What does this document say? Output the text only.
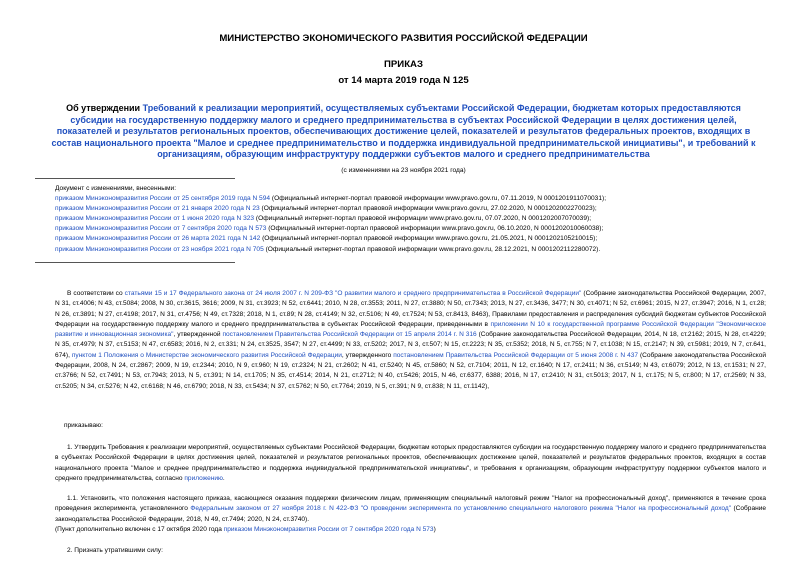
МИНИСТЕРСТВО ЭКОНОМИЧЕСКОГО РАЗВИТИЯ РОССИЙСКОЙ ФЕДЕРАЦИИ
ПРИКАЗ
от 14 марта 2019 года N 125
Об утверждении Требований к реализации мероприятий, осуществляемых субъектами Российской Федерации, бюджетам которых предоставляются субсидии на государственную поддержку малого и среднего предпринимательства в субъектах Российской Федерации в целях достижения целей, показателей и результатов региональных проектов, обеспечивающих достижение целей, показателей и результатов федеральных проектов, входящих в состав национального проекта "Малое и среднее предпринимательство и поддержка индивидуальной предпринимательской инициативы", и требований к организациям, образующим инфраструктуру поддержки субъектов малого и среднего предпринимательства
(с изменениями на 23 ноября 2021 года)
Документ с изменениями, внесенными:
приказом Минэкономразвития России от 25 сентября 2019 года N 594 (Официальный интернет-портал правовой информации www.pravo.gov.ru, 07.11.2019, N 0001201911070031);
приказом Минэкономразвития России от 21 января 2020 года N 23 (Официальный интернет-портал правовой информации www.pravo.gov.ru, 27.02.2020, N 0001202002270023);
приказом Минэкономразвития России от 1 июня 2020 года N 323 (Официальный интернет-портал правовой информации www.pravo.gov.ru, 07.07.2020, N 0001202007070039);
приказом Минэкономразвития России от 7 сентября 2020 года N 573 (Официальный интернет-портал правовой информации www.pravo.gov.ru, 06.10.2020, N 0001202010060038);
приказом Минэкономразвития России от 26 марта 2021 года N 142 (Официальный интернет-портал правовой информации www.pravo.gov.ru, 21.05.2021, N 0001202105210015);
приказом Минэкономразвития России от 23 ноября 2021 года N 705 (Официальный интернет-портал правовой информации www.pravo.gov.ru, 28.12.2021, N 0001202112280072).
В соответствии со статьями 15 и 17 Федерального закона от 24 июля 2007 г. N 209-ФЗ "О развитии малого и среднего предпринимательства в Российской Федерации" (Собрание законодательства Российской Федерации, 2007, N 31, ст.4006; N 43, ст.5084; 2008, N 30, ст.3615, 3616; 2009, N 31, ст.3923; N 52, ст.6441; 2010, N 28, ст.3553; 2011, N 27, ст.3880; N 50, ст.7343; 2013, N 27, ст.3436, 3477; N 30, ст.4071; N 52, ст.6961; 2015, N 27, ст.3947; 2016, N 1, ст.28; N 26, ст.3891; N 27, ст.4198; 2017, N 31, ст.4756; N 49, ст.7328; 2018, N 1, ст.89; N 28, ст.4149; N 32, ст.5106; N 49, ст.7524; N 53, ст.8413, 8463), Правилами предоставления и распределения субсидий бюджетам субъектов Российской Федерации на государственную поддержку малого и среднего предпринимательства в субъектах Российской Федерации, приведенными в приложении N 10 к государственной программе Российской Федерации "Экономическое развитие и инновационная экономика", утвержденной постановлением Правительства Российской Федерации от 15 апреля 2014 г. N 316 (Собрание законодательства Российской Федерации, 2014, N 18, ст.2162; 2015, N 28, ст.4229; N 35, ст.4979; N 37, ст.5153; N 47, ст.6583; 2016, N 2, ст.331; N 24, ст.3525, 3547; N 27, ст.4499; N 33, ст.5202; 2017, N 3, ст.507; N 15, ст.2223; N 35, ст.5352; 2018, N 5, ст.755; N 7, ст.1038; N 15, ст.2147; N 39, ст.5981; 2019, N 7, ст.641, 674), пунктом 1 Положения о Министерстве экономического развития Российской Федерации, утвержденного постановлением Правительства Российской Федерации от 5 июня 2008 г. N 437 (Собрание законодательства Российской Федерации, 2008, N 24, ст.2867; 2009, N 19, ст.2344; 2010, N 9, ст.960; N 19, ст.2324; N 21, ст.2602; N 41, ст.5240; N 45, ст.5860; N 52, ст.7104; 2011, N 12, ст.1640; N 17, ст.2411; N 36, ст.5149; N 43, ст.6079; 2012, N 13, ст.1531; N 27, ст.3766; N 52, ст.7491; N 53, ст.7943; 2013, N 5, ст.391; N 14, ст.1705; N 35, ст.4514; 2014, N 21, ст.2712; N 40, ст.5426; 2015, N 46, ст.6377, 6388; 2016, N 17, ст.2410; N 31, ст.5013; 2017, N 1, ст.175; N 5, ст.800; N 17, ст.2569; N 33, ст.5205; N 34, ст.5276; N 42, ст.6168; N 46, ст.6790; 2018, N 33, ст.5434; N 37, ст.5762; N 50, ст.7764; 2019, N 5, ст.391; N 9, ст.838; N 11, ст.1142),
приказываю:
1. Утвердить Требования к реализации мероприятий, осуществляемых субъектами Российской Федерации, бюджетам которых предоставляются субсидии на государственную поддержку малого и среднего предпринимательства в субъектах Российской Федерации в целях достижения целей, показателей и результатов региональных проектов, обеспечивающих достижение целей, показателей и результатов федеральных проектов, входящих в состав национального проекта "Малое и среднее предпринимательство и поддержка индивидуальной предпринимательской инициативы", и требования к организациям, образующим инфраструктуру поддержки субъектов малого и среднего предпринимательства, согласно приложению.
1.1. Установить, что положения настоящего приказа, касающиеся оказания поддержки физическим лицам, применяющим специальный налоговый режим "Налог на профессиональный доход", применяются в течение срока проведения эксперимента, установленного Федеральным законом от 27 ноября 2018 г. N 422-ФЗ "О проведении эксперимента по установлению специального налогового режима "Налог на профессиональный доход" (Собрание законодательства Российской Федерации, 2018, N 49, ст.7494; 2020, N 24, ст.3740).
(Пункт дополнительно включен с 17 октября 2020 года приказом Минэкономразвития России от 7 сентября 2020 года N 573)
2. Признать утратившими силу:
